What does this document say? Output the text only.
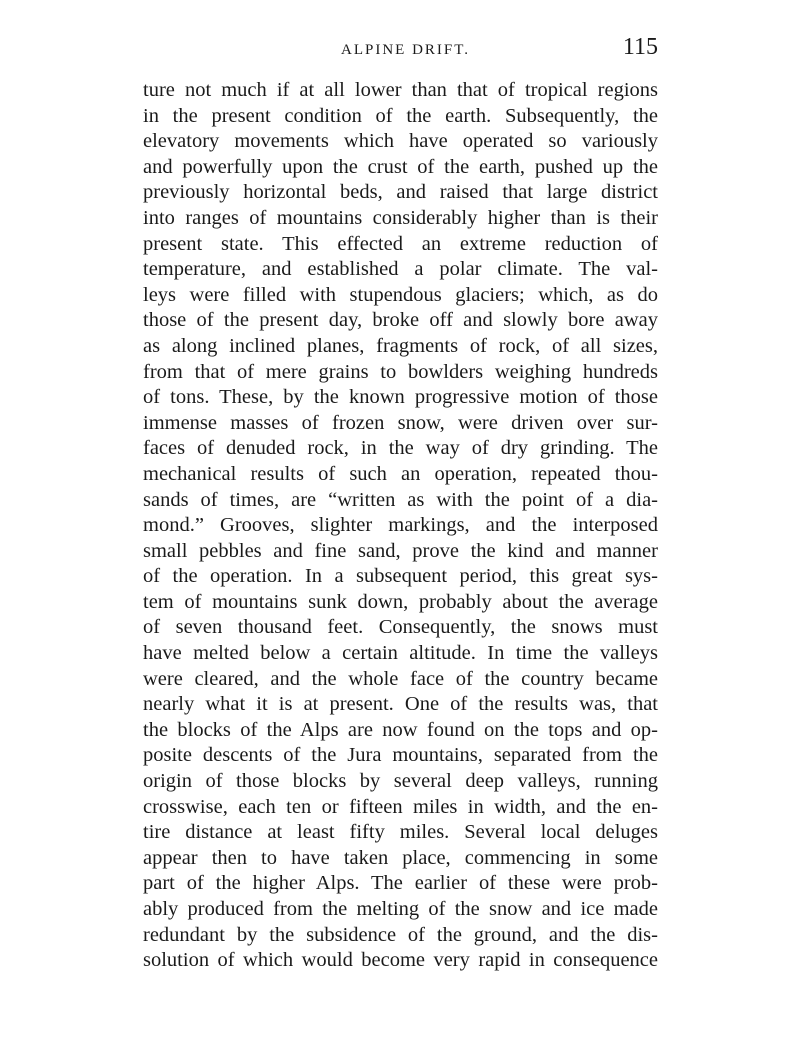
ALPINE DRIFT.	115
ture not much if at all lower than that of tropical regions
in the present condition of the earth. Subsequently, the
elevatory movements which have operated so variously
and powerfully upon the crust of the earth, pushed up the
previously horizontal beds, and raised that large district
into ranges of mountains considerably higher than is their
present state. This effected an extreme reduction of
temperature, and established a polar climate. The val-
leys were filled with stupendous glaciers; which, as do
those of the present day, broke off and slowly bore away
as along inclined planes, fragments of rock, of all sizes,
from that of mere grains to bowlders weighing hundreds
of tons. These, by the known progressive motion of those
immense masses of frozen snow, were driven over sur-
faces of denuded rock, in the way of dry grinding. The
mechanical results of such an operation, repeated thou-
sands of times, are “written as with the point of a dia-
mond.” Grooves, slighter markings, and the interposed
small pebbles and fine sand, prove the kind and manner
of the operation. In a subsequent period, this great sys-
tem of mountains sunk down, probably about the average
of seven thousand feet. Consequently, the snows must
have melted below a certain altitude. In time the valleys
were cleared, and the whole face of the country became
nearly what it is at present. One of the results was, that
the blocks of the Alps are now found on the tops and op-
posite descents of the Jura mountains, separated from the
origin of those blocks by several deep valleys, running
crosswise, each ten or fifteen miles in width, and the en-
tire distance at least fifty miles. Several local deluges
appear then to have taken place, commencing in some
part of the higher Alps. The earlier of these were prob-
ably produced from the melting of the snow and ice made
redundant by the subsidence of the ground, and the dis-
solution of which would become very rapid in consequence
